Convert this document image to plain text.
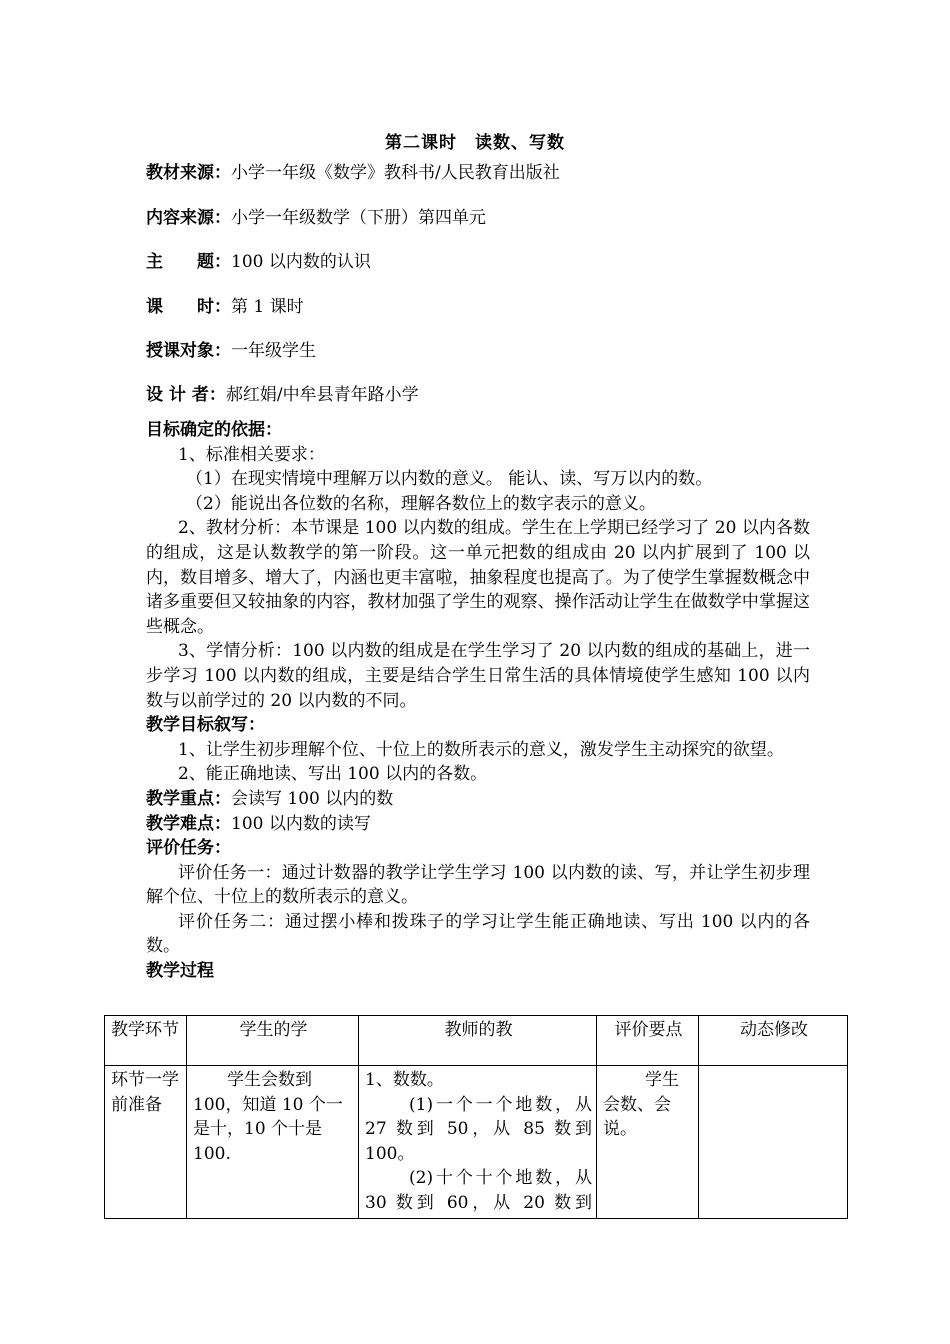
第二课时　读数、写数
教材来源：小学一年级《数学》教科书/人民教育出版社
内容来源：小学一年级数学（下册）第四单元
主　　题：100 以内数的认识
课　　时：第 1 课时
授课对象：一年级学生
设 计 者：郝红娟/中牟县青年路小学

目标确定的依据：

1、标准相关要求：

（1）在现实情境中理解万以内数的意义。 能认、读、写万以内的数。

（2）能说出各位数的名称，理解各数位上的数字表示的意义。

2、教材分析：本节课是 100 以内数的组成。学生在上学期已经学习了 20 以内各数的组成，这是认数教学的第一阶段。这一单元把数的组成由 20 以内扩展到了 100 以内，数目增多、增大了，内涵也更丰富啦，抽象程度也提高了。为了使学生掌握数概念中诸多重要但又较抽象的内容，教材加强了学生的观察、操作活动让学生在做数学中掌握这些概念。

3、学情分析：100 以内数的组成是在学生学习了 20 以内数的组成的基础上，进一步学习 100 以内数的组成，主要是结合学生日常生活的具体情境使学生感知 100 以内数与以前学过的 20 以内数的不同。

教学目标叙写：

1、让学生初步理解个位、十位上的数所表示的意义，激发学生主动探究的欲望。

2、能正确地读、写出 100 以内的各数。

教学重点：会读写 100 以内的数

教学难点：100 以内数的读写

评价任务：

评价任务一：通过计数器的教学让学生学习 100 以内数的读、写，并让学生初步理解个位、十位上的数所表示的意义。

评价任务二：通过摆小棒和拨珠子的学习让学生能正确地读、写出 100 以内的各数。

教学过程

教学环节	学生的学	教师的教	评价要点	动态修改
环节一学前准备	学生会数到 100，知道 10 个一是十，10 个十是 100.	1、数数。
(1)一个一个地数，从 27 数到 50，从 85 数到 100。
(2)十个十个地数，从 30 数到 60，从 20 数到	学生会数、会说。	
